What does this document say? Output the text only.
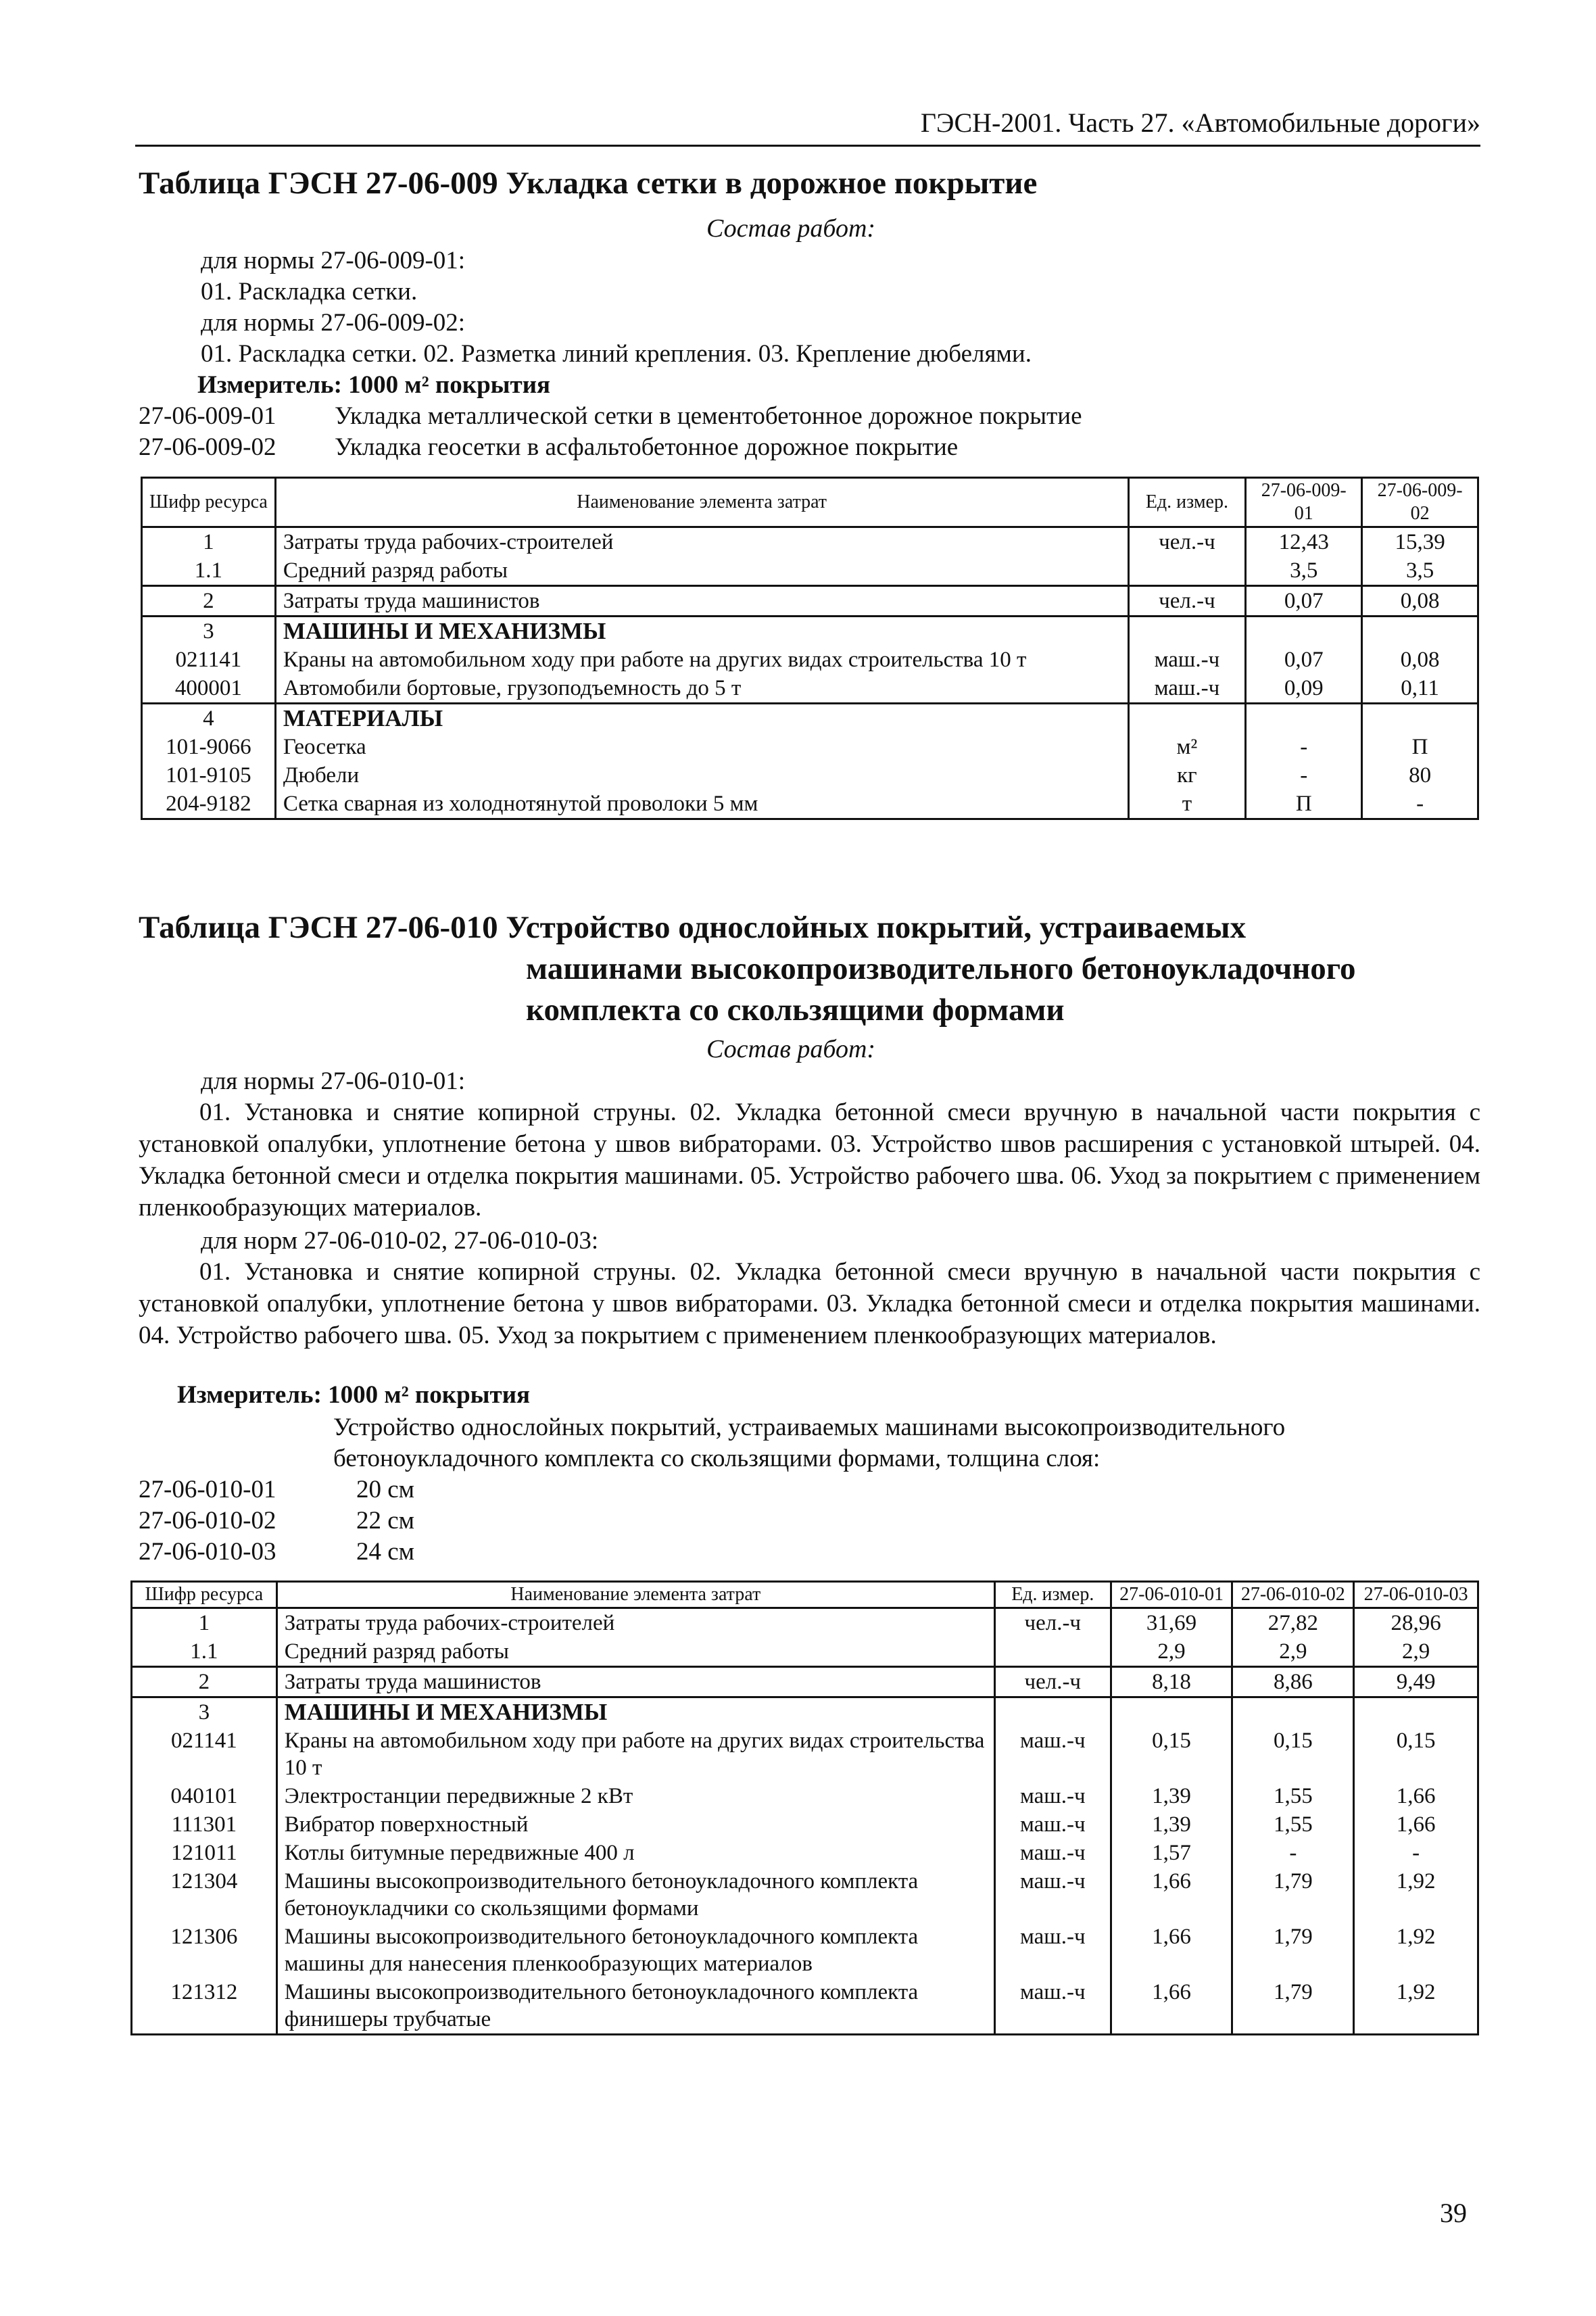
ГЭСН-2001. Часть 27. «Автомобильные дороги»
Таблица ГЭСН 27-06-009 Укладка сетки в дорожное покрытие
Состав работ:
для нормы 27-06-009-01:
01. Раскладка сетки.
для нормы 27-06-009-02:
01. Раскладка сетки. 02. Разметка линий крепления. 03. Крепление дюбелями.
Измеритель: 1000 м² покрытия
27-06-009-01 Укладка металлической сетки в цементобетонное дорожное покрытие
27-06-009-02 Укладка геосетки в асфальтобетонное дорожное покрытие
Шифр ресурса	Наименование элемента затрат	Ед. измер.	27-06-009-01	27-06-009-02
1	Затраты труда рабочих-строителей	чел.-ч	12,43	15,39
1.1	Средний разряд работы		3,5	3,5
2	Затраты труда машинистов	чел.-ч	0,07	0,08
3	МАШИНЫ И МЕХАНИЗМЫ			
021141	Краны на автомобильном ходу при работе на других видах строительства 10 т	маш.-ч	0,07	0,08
400001	Автомобили бортовые, грузоподъемность до 5 т	маш.-ч	0,09	0,11
4	МАТЕРИАЛЫ			
101-9066	Геосетка	м²	-	П
101-9105	Дюбели	кг	-	80
204-9182	Сетка сварная из холоднотянутой проволоки 5 мм	т	П	-
Таблица ГЭСН 27-06-010 Устройство однослойных покрытий, устраиваемых
машинами высокопроизводительного бетоноукладочного
комплекта со скользящими формами
Состав работ:
для нормы 27-06-010-01:

01. Установка и снятие копирной струны. 02. Укладка бетонной смеси вручную в начальной части покрытия с установкой опалубки, уплотнение бетона у швов вибраторами. 03. Устройство швов расширения с установкой штырей. 04. Укладка бетонной смеси и отделка покрытия машинами. 05. Устройство рабочего шва. 06. Уход за покрытием с применением пленкообразующих материалов.

для норм 27-06-010-02, 27-06-010-03:

01. Установка и снятие копирной струны. 02. Укладка бетонной смеси вручную в начальной части покрытия с установкой опалубки, уплотнение бетона у швов вибраторами. 03. Укладка бетонной смеси и отделка покрытия машинами. 04. Устройство рабочего шва. 05. Уход за покрытием с применением пленкообразующих материалов.

Измеритель: 1000 м² покрытия
Устройство однослойных покрытий, устраиваемых машинами высокопроизводительного
бетоноукладочного комплекта со скользящими формами, толщина слоя:
27-06-010-01	20 см
27-06-010-02	22 см
27-06-010-03	24 см
Шифр ресурса	Наименование элемента затрат	Ед. измер.	27-06-010-01	27-06-010-02	27-06-010-03
1	Затраты труда рабочих-строителей	чел.-ч	31,69	27,82	28,96
1.1	Средний разряд работы		2,9	2,9	2,9
2	Затраты труда машинистов	чел.-ч	8,18	8,86	9,49
3	МАШИНЫ И МЕХАНИЗМЫ				
021141	Краны на автомобильном ходу при работе на других видах строительства 10 т	маш.-ч	0,15	0,15	0,15
040101	Электростанции передвижные 2 кВт	маш.-ч	1,39	1,55	1,66
111301	Вибратор поверхностный	маш.-ч	1,39	1,55	1,66
121011	Котлы битумные передвижные 400 л	маш.-ч	1,57	-	-
121304	Машины высокопроизводительного бетоноукладочного комплекта бетоноукладчики со скользящими формами	маш.-ч	1,66	1,79	1,92
121306	Машины высокопроизводительного бетоноукладочного комплекта машины для нанесения пленкообразующих материалов	маш.-ч	1,66	1,79	1,92
121312	Машины высокопроизводительного бетоноукладочного комплекта финишеры трубчатые	маш.-ч	1,66	1,79	1,92
39
